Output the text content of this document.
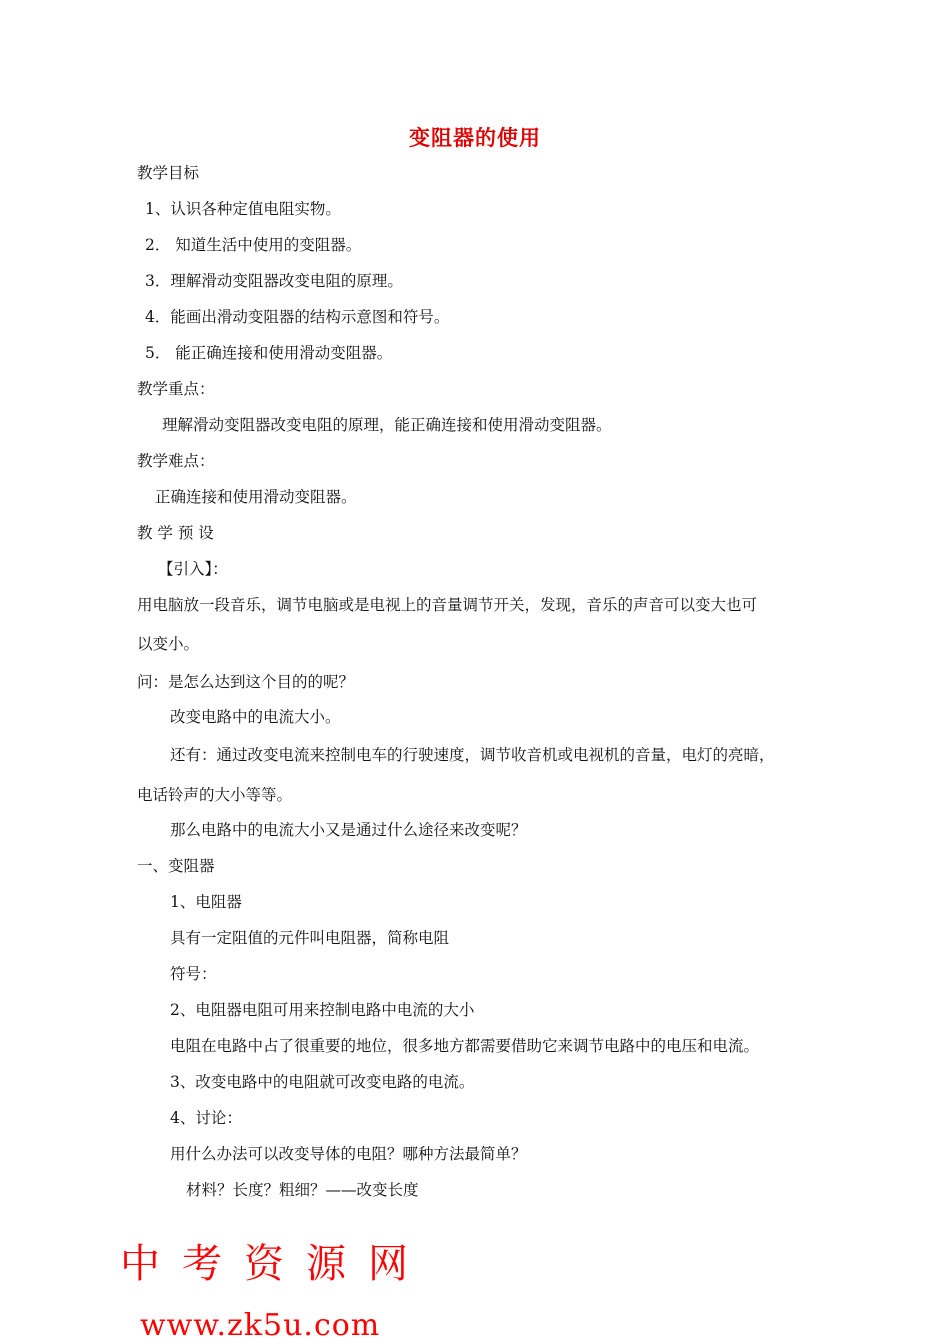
变阻器的使用
教学目标
1、认识各种定值电阻实物。
2． 知道生活中使用的变阻器。
3．理解滑动变阻器改变电阻的原理。
4．能画出滑动变阻器的结构示意图和符号。
5． 能正确连接和使用滑动变阻器。
教学重点：
理解滑动变阻器改变电阻的原理，能正确连接和使用滑动变阻器。
教学难点：
正确连接和使用滑动变阻器。
教 学 预 设
【引入】：
用电脑放一段音乐，调节电脑或是电视上的音量调节开关，发现，音乐的声音可以变大也可
以变小。
问：是怎么达到这个目的的呢？
改变电路中的电流大小。
还有：通过改变电流来控制电车的行驶速度，调节收音机或电视机的音量，电灯的亮暗，
电话铃声的大小等等。
那么电路中的电流大小又是通过什么途径来改变呢？
一、变阻器
1、电阻器
具有一定阻值的元件叫电阻器，简称电阻
符号：
2、电阻器电阻可用来控制电路中电流的大小
电阻在电路中占了很重要的地位，很多地方都需要借助它来调节电路中的电压和电流。
3、改变电路中的电阻就可改变电路的电流。
4、讨论：
用什么办法可以改变导体的电阻？哪种方法最简单？
材料？长度？粗细？——改变长度
中考资源网
www.zk5u.com
